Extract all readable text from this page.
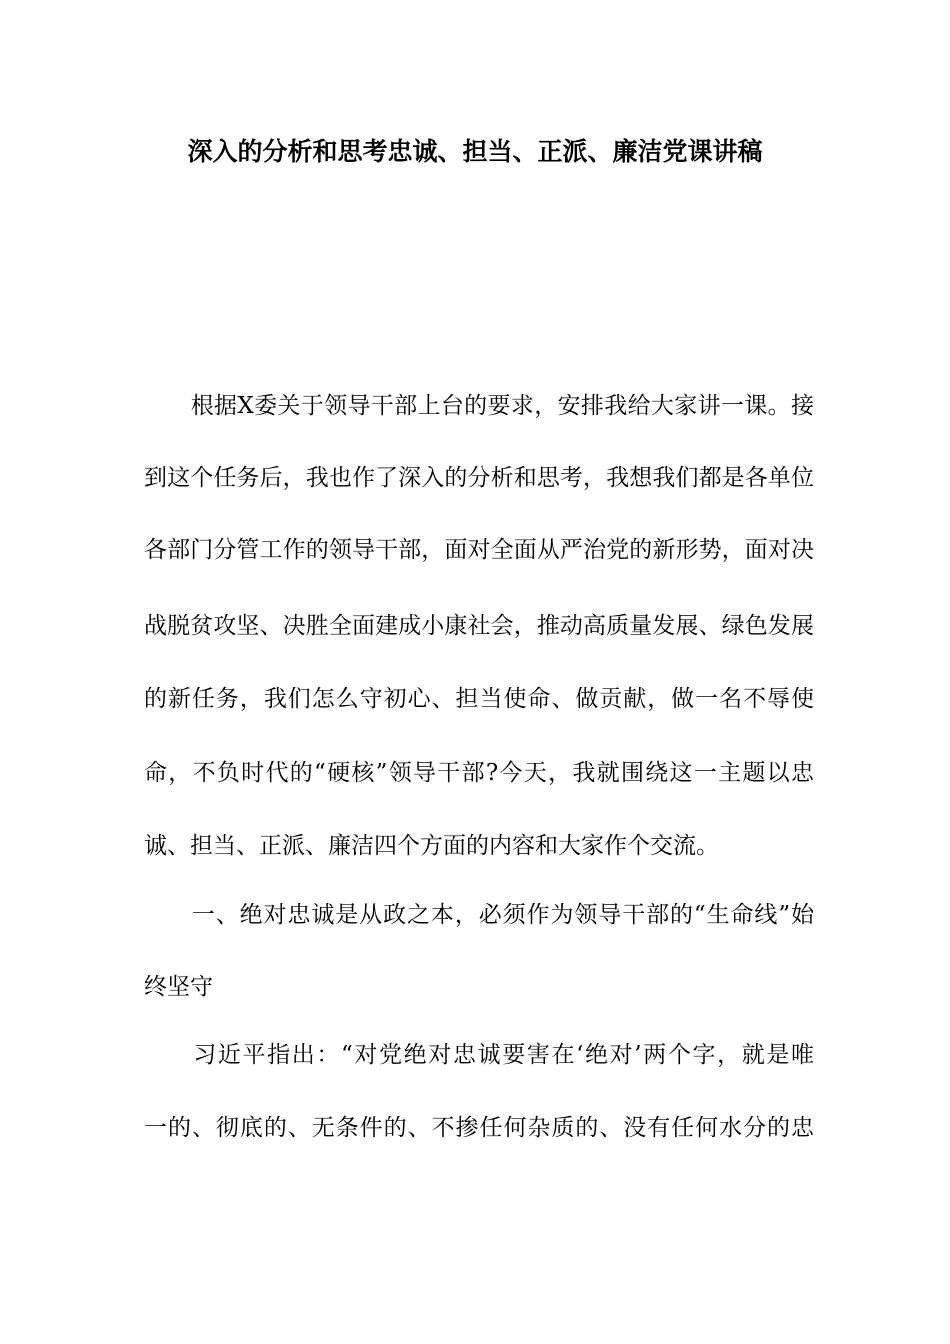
深入的分析和思考忠诚、担当、正派、廉洁党课讲稿
　　根据X委关于领导干部上台的要求，安排我给大家讲一课。接
到这个任务后，我也作了深入的分析和思考，我想我们都是各单位
各部门分管工作的领导干部，面对全面从严治党的新形势，面对决
战脱贫攻坚、决胜全面建成小康社会，推动高质量发展、绿色发展
的新任务，我们怎么守初心、担当使命、做贡献，做一名不辱使
命，不负时代的“硬核”领导干部?今天，我就围绕这一主题以忠
诚、担当、正派、廉洁四个方面的内容和大家作个交流。
　　一、绝对忠诚是从政之本，必须作为领导干部的“生命线”始
终坚守
　　习近平指出：“对党绝对忠诚要害在‘绝对’两个字，就是唯
一的、彻底的、无条件的、不掺任何杂质的、没有任何水分的忠
